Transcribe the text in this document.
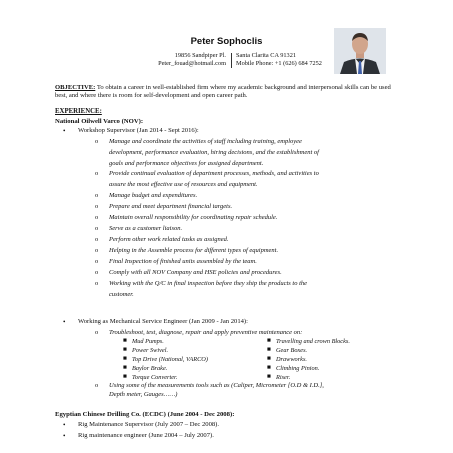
Peter Sophoclis
19856 Sandpiper Pl.
Peter_fouad@hotmail.com
Santa Clarita CA 91321
Mobile Phone: +1 (626) 684 7252
OBJECTIVE: To obtain a career in well-established firm where my academic background and interpersonal skills can be used best, and where there is room for self-development and open career path.
EXPERIENCE:
National Oilwell Varco (NOV):
• Workshop Supervisor (Jan 2014 - Sept 2016):
o Manage and coordinate the activities of staff including training, employee
development, performance evaluation, hiring decisions, and the establishment of
goals and performance objectives for assigned department.
o Provide continual evaluation of department processes, methods, and activities to
assure the most effective use of resources and equipment.
o Manage budget and expenditures.
o Prepare and meet department financial targets.
o Maintain overall responsibility for coordinating repair schedule.
o Serve as a customer liaison.
o Perform other work related tasks as assigned.
o Helping in the Assemble process for different types of equipment.
o Final Inspection of finished units assembled by the team.
o Comply with all NOV Company and HSE policies and procedures.
o Working with the Q/C in final inspection before they ship the products to the
customer.
• Working as Mechanical Service Engineer (Jan 2009 - Jan 2014):
o Troubleshoot, test, diagnose, repair and apply preventive maintenance on:
■ Mud Pumps.
■ Power Swivel.
■ Top Drive (National, VARCO)
■ Baylor Brake.
■ Torque Converter.
■ Travelling and crown Blocks.
■ Gear Boxes.
■ Drawworks.
■ Climbing Pinion.
■ Riser.
o Using some of the measurements tools such as (Caliper, Micrometer [O.D & I.D.],
Depth meter, Gauges……)
Egyptian Chinese Drilling Co. (ECDC) (June 2004 - Dec 2008):
• Rig Maintenance Supervisor (July 2007 – Dec 2008).
• Rig maintenance engineer (June 2004 – July 2007).
